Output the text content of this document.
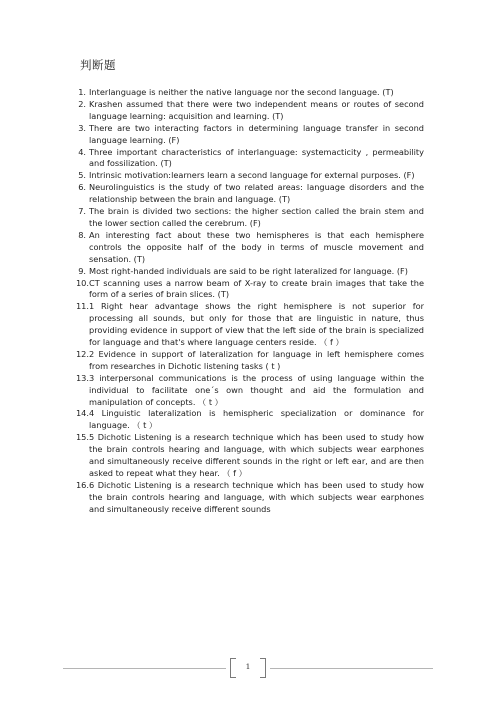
判断题
1. Interlanguage is neither the native language nor the second language. (T)
2. Krashen assumed that there were two independent means or routes of second language learning: acquisition and learning. (T)
3. There are two interacting factors in determining language transfer in second language learning. (F)
4. Three important characteristics of interlanguage: systemacticity , permeability and fossilization. (T)
5. Intrinsic motivation:learners learn a second language for external purposes. (F)
6. Neurolinguistics is the study of two related areas: language disorders and the relationship between the brain and language. (T)
7. The brain is divided two sections: the higher section called the brain stem and the lower section called the cerebrum. (F)
8. An interesting fact about these two hemispheres is that each hemisphere controls the opposite half of the body in terms of muscle movement and sensation. (T)
9. Most right-handed individuals are said to be right lateralized for language. (F)
10. CT scanning uses a narrow beam of X-ray to create brain images that take the form of a series of brain slices. (T)
11. 1 Right hear advantage shows the right hemisphere is not superior for processing all sounds, but only for those that are linguistic in nature, thus providing evidence in support of view that the left side of the brain is specialized for language and that's where language centers reside. （ f ）
12. 2 Evidence in support of lateralization for language in left hemisphere comes from researches in Dichotic listening tasks ( t )
13. 3 interpersonal communications is the process of using language within the individual to facilitate one´s own thought and aid the formulation and manipulation of concepts. （ t ）
14. 4 Linguistic lateralization is hemispheric specialization or dominance for language. （ t ）
15. 5 Dichotic Listening is a research technique which has been used to study how the brain controls hearing and language, with which subjects wear earphones and simultaneously receive different sounds in the right or left ear, and are then asked to repeat what they hear. （ f ）
16. 6 Dichotic Listening is a research technique which has been used to study how the brain controls hearing and language, with which subjects wear earphones and simultaneously receive different sounds
1
